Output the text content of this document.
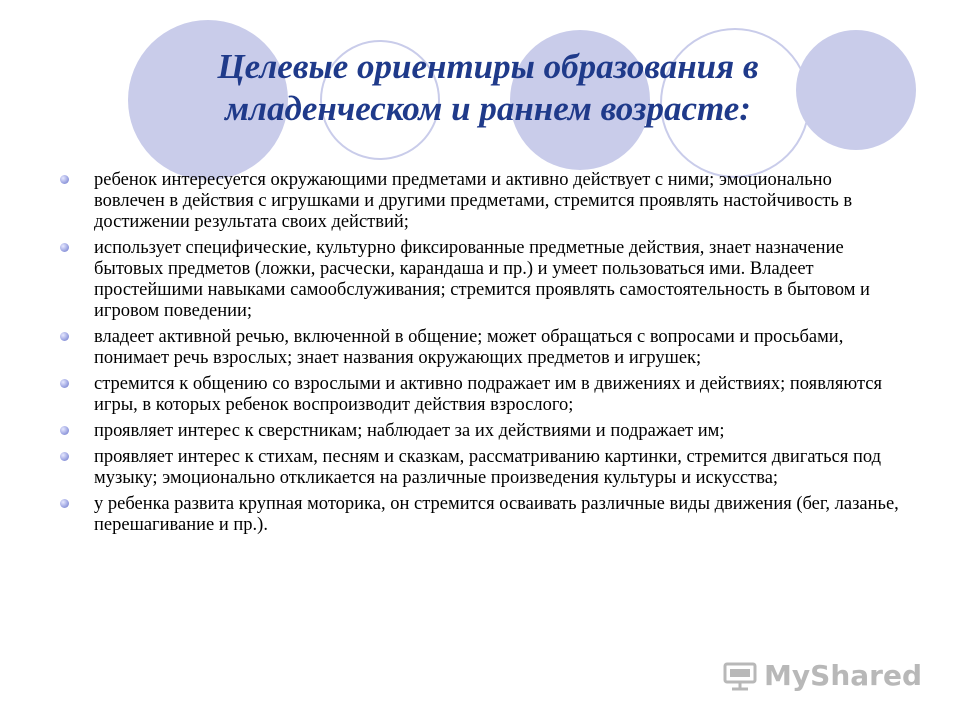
Целевые ориентиры образования в младенческом и раннем возрасте:
ребенок интересуется окружающими предметами и активно действует с ними; эмоционально вовлечен в действия с игрушками и другими предметами, стремится проявлять настойчивость в достижении результата своих действий;
использует специфические, культурно фиксированные предметные действия, знает назначение бытовых предметов (ложки, расчески, карандаша и пр.) и умеет пользоваться ими. Владеет простейшими навыками самообслуживания; стремится проявлять самостоятельность в бытовом и игровом поведении;
владеет активной речью, включенной в общение; может обращаться с вопросами и просьбами, понимает речь взрослых; знает названия окружающих предметов и игрушек;
стремится к общению со взрослыми и активно подражает им в движениях и действиях; появляются игры, в которых ребенок воспроизводит действия взрослого;
проявляет интерес к сверстникам; наблюдает за их действиями и подражает им;
проявляет интерес к стихам, песням и сказкам, рассматриванию картинки, стремится двигаться под музыку; эмоционально откликается на различные произведения культуры и искусства;
у ребенка развита крупная моторика, он стремится осваивать различные виды движения (бег, лазанье, перешагивание и пр.).
MyShared
